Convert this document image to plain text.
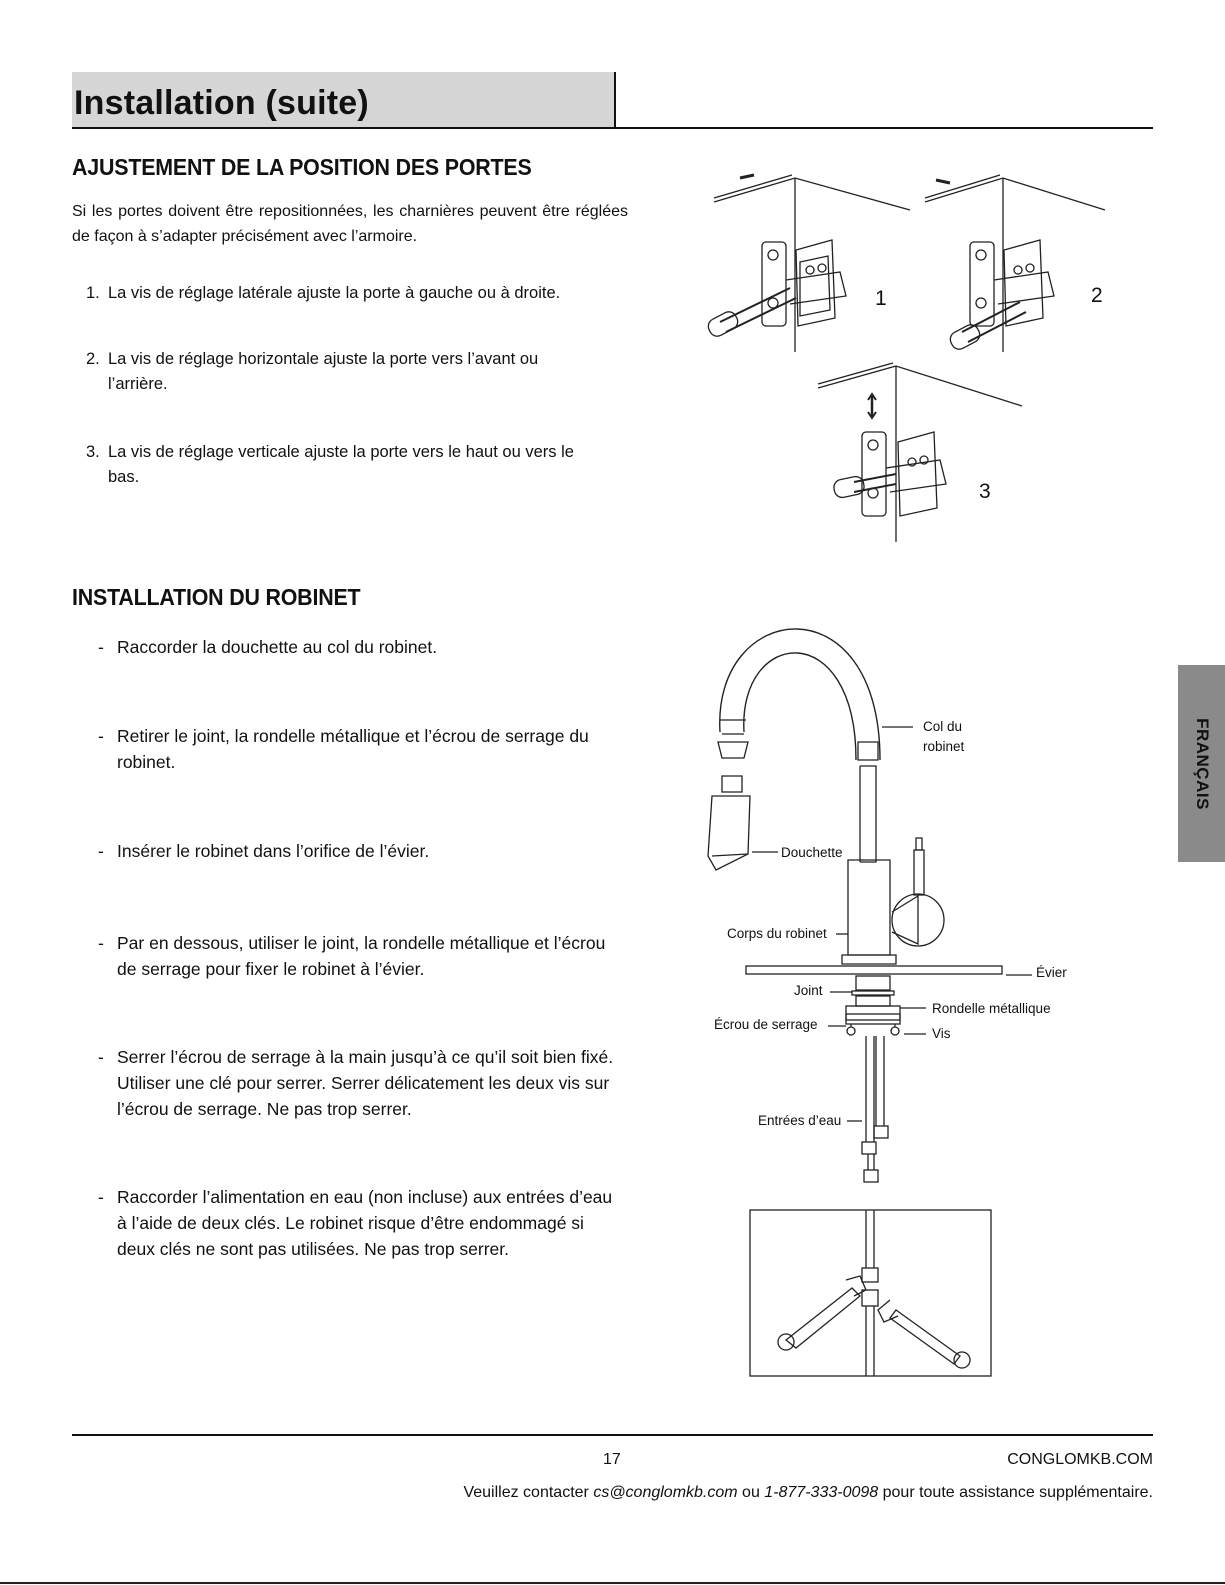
Installation (suite)
AJUSTEMENT DE LA POSITION DES PORTES

Si les portes doivent être repositionnées, les charnières peuvent être réglées de façon à s’adapter précisément avec l’armoire.

1. La vis de réglage latérale ajuste la porte à gauche ou à droite.
2. La vis de réglage horizontale ajuste la porte vers l’avant ou
l’arrière.
3. La vis de réglage verticale ajuste la porte vers le haut ou vers le
bas.
1	2
3
INSTALLATION DU ROBINET
- Raccorder la douchette au col du robinet.
- Retirer le joint, la rondelle métallique et l’écrou de serrage du
robinet.
- Insérer le robinet dans l’orifice de l’évier.
- Par en dessous, utiliser le joint, la rondelle métallique et l’écrou
de serrage pour fixer le robinet à l’évier.
- Serrer l’écrou de serrage à la main jusqu’à ce qu’il soit bien fixé.
Utiliser une clé pour serrer. Serrer délicatement les deux vis sur
l’écrou de serrage. Ne pas trop serrer.
- Raccorder l’alimentation en eau (non incluse) aux entrées d’eau
à l’aide de deux clés. Le robinet risque d’être endommagé si
deux clés ne sont pas utilisées. Ne pas trop serrer.
Col du
robinet
Douchette
Corps du robinet
Évier
Joint
Rondelle métallique
Écrou de serrage
Vis
Entrées d’eau
FRANÇAIS
17	CONGLOMKB.COM
Veuillez contacter cs@conglomkb.com ou 1-877-333-0098 pour toute assistance supplémentaire.
